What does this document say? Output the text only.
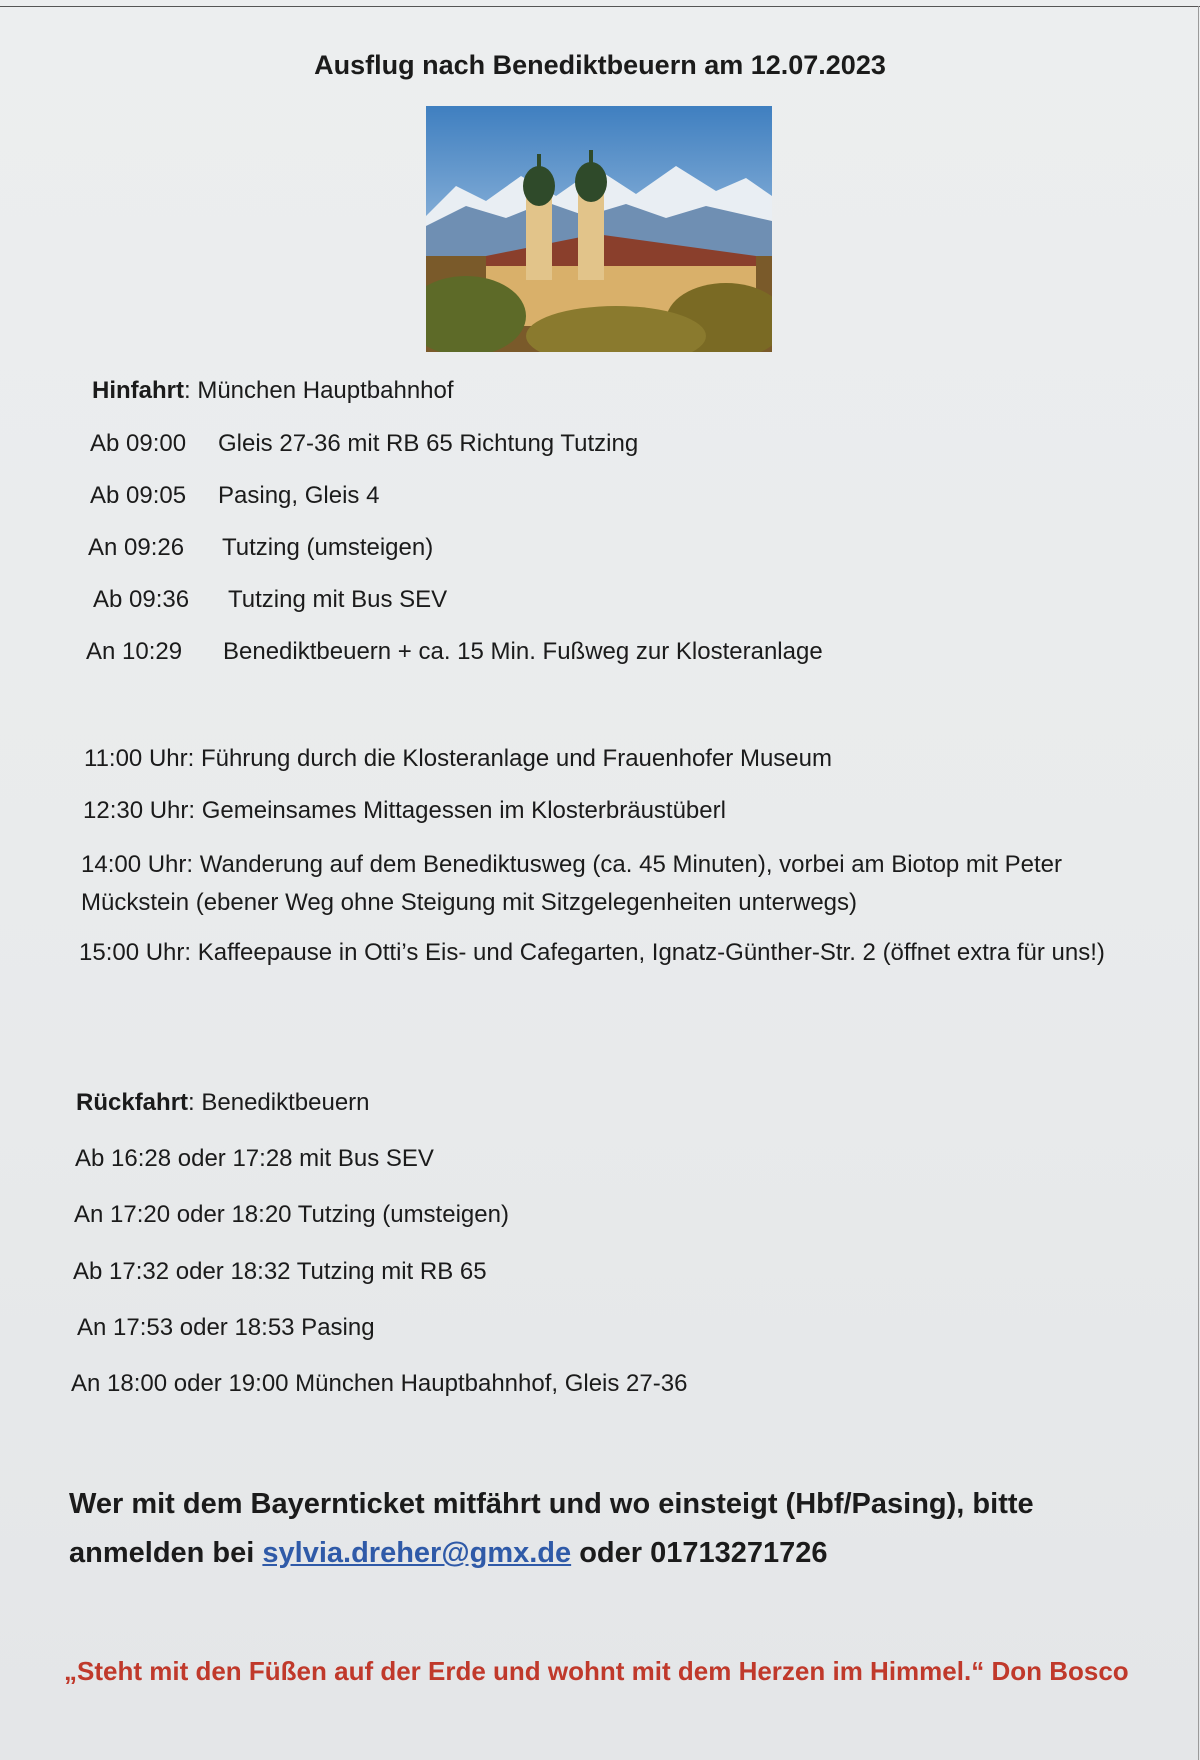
Ausflug nach Benediktbeuern am 12.07.2023
Hinfahrt: München Hauptbahnhof
Ab 09:00 Gleis 27-36 mit RB 65 Richtung Tutzing
Ab 09:05 Pasing, Gleis 4
An 09:26 Tutzing (umsteigen)
Ab 09:36 Tutzing mit Bus SEV
An 10:29 Benediktbeuern + ca. 15 Min. Fußweg zur Klosteranlage
11:00 Uhr: Führung durch die Klosteranlage und Frauenhofer Museum
12:30 Uhr: Gemeinsames Mittagessen im Klosterbräustüberl
14:00 Uhr: Wanderung auf dem Benediktusweg (ca. 45 Minuten), vorbei am Biotop mit Peter Mückstein (ebener Weg ohne Steigung mit Sitzgelegenheiten unterwegs)
15:00 Uhr: Kaffeepause in Otti’s Eis- und Cafegarten, Ignatz-Günther-Str. 2 (öffnet extra für uns!)
Rückfahrt: Benediktbeuern
Ab 16:28 oder 17:28 mit Bus SEV
An 17:20 oder 18:20 Tutzing (umsteigen)
Ab 17:32 oder 18:32 Tutzing mit RB 65
An 17:53 oder 18:53 Pasing
An 18:00 oder 19:00 München Hauptbahnhof, Gleis 27-36
Wer mit dem Bayernticket mitfährt und wo einsteigt (Hbf/Pasing), bitte
anmelden bei sylvia.dreher@gmx.de oder 01713271726
„Steht mit den Füßen auf der Erde und wohnt mit dem Herzen im Himmel.“ Don Bosco
